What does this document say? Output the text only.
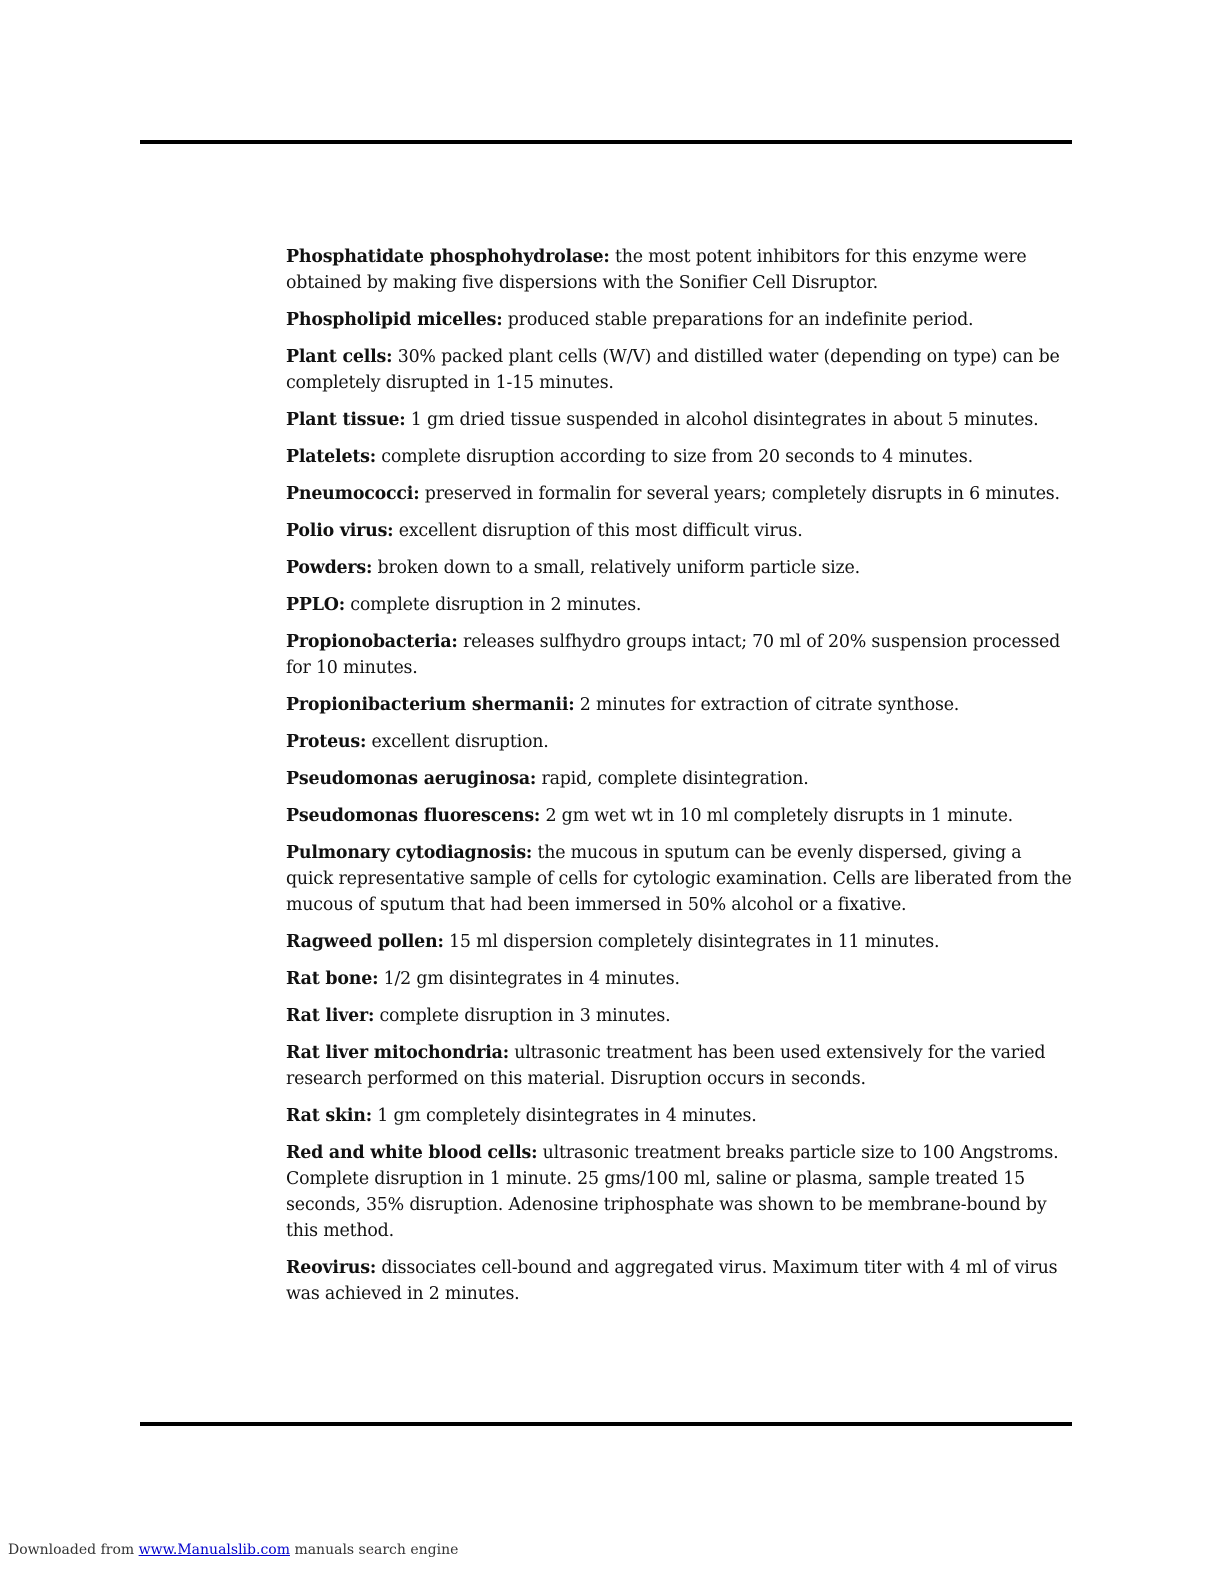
Phosphatidate phosphohydrolase: the most potent inhibitors for this enzyme were obtained by making five dispersions with the Sonifier Cell Disruptor.

Phospholipid micelles: produced stable preparations for an indefinite period.

Plant cells: 30% packed plant cells (W/V) and distilled water (depending on type) can be completely disrupted in 1-15 minutes.

Plant tissue: 1 gm dried tissue suspended in alcohol disintegrates in about 5 minutes.

Platelets: complete disruption according to size from 20 seconds to 4 minutes.

Pneumococci: preserved in formalin for several years; completely disrupts in 6 minutes.

Polio virus: excellent disruption of this most difficult virus.

Powders: broken down to a small, relatively uniform particle size.

PPLO: complete disruption in 2 minutes.

Propionobacteria: releases sulfhydro groups intact; 70 ml of 20% suspension processed for 10 minutes.

Propionibacterium shermanii: 2 minutes for extraction of citrate synthose.

Proteus: excellent disruption.

Pseudomonas aeruginosa: rapid, complete disintegration.

Pseudomonas fluorescens: 2 gm wet wt in 10 ml completely disrupts in 1 minute.

Pulmonary cytodiagnosis: the mucous in sputum can be evenly dispersed, giving a quick representative sample of cells for cytologic examination. Cells are liberated from the mucous of sputum that had been immersed in 50% alcohol or a fixative.

Ragweed pollen: 15 ml dispersion completely disintegrates in 11 minutes.

Rat bone: 1/2 gm disintegrates in 4 minutes.

Rat liver: complete disruption in 3 minutes.

Rat liver mitochondria: ultrasonic treatment has been used extensively for the varied research performed on this material. Disruption occurs in seconds.

Rat skin: 1 gm completely disintegrates in 4 minutes.

Red and white blood cells: ultrasonic treatment breaks particle size to 100 Angstroms. Complete disruption in 1 minute. 25 gms/100 ml, saline or plasma, sample treated 15 seconds, 35% disruption. Adenosine triphosphate was shown to be membrane-bound by this method.

Reovirus: dissociates cell-bound and aggregated virus. Maximum titer with 4 ml of virus was achieved in 2 minutes.

Downloaded from www.Manualslib.com manuals search engine
